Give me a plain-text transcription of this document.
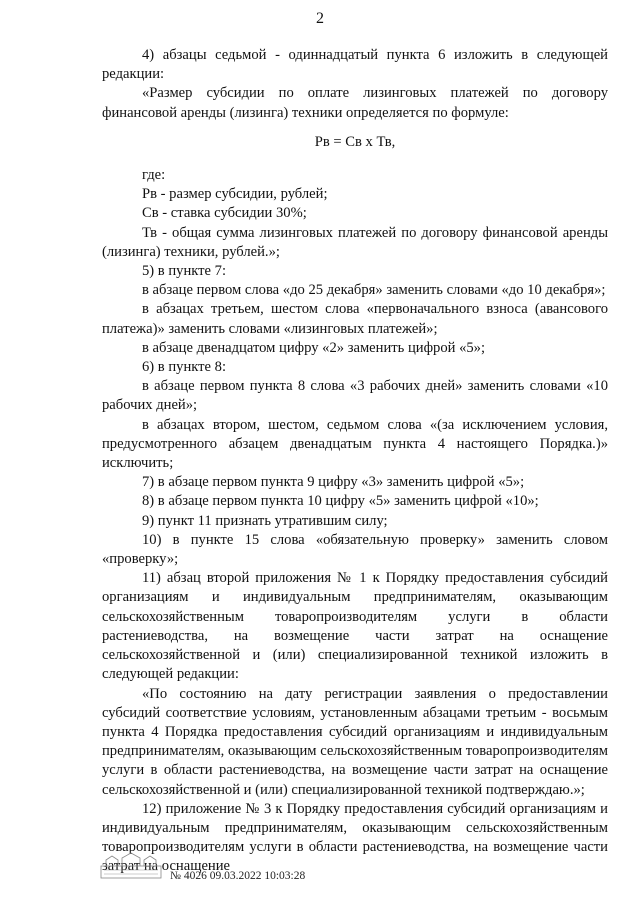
2

4) абзацы седьмой - одиннадцатый пункта 6 изложить в следующей редакции:

«Размер субсидии по оплате лизинговых платежей по договору финансовой аренды (лизинга) техники определяется по формуле:

Рв = Св х Тв,

где:

Рв - размер субсидии, рублей;

Св - ставка субсидии 30%;

Тв - общая сумма лизинговых платежей по договору финансовой аренды (лизинга) техники, рублей.»;

5) в пункте 7:

в абзаце первом слова «до 25 декабря» заменить словами «до 10 декабря»;

в абзацах третьем, шестом слова «первоначального взноса (авансового платежа)» заменить словами «лизинговых платежей»;

в абзаце двенадцатом цифру «2» заменить цифрой «5»;

6) в пункте 8:

в абзаце первом пункта 8 слова «3 рабочих дней» заменить словами «10 рабочих дней»;

в абзацах втором, шестом, седьмом слова «(за исключением условия, предусмотренного абзацем двенадцатым пункта 4 настоящего Порядка.)» исключить;

7) в абзаце первом пункта 9 цифру «3» заменить цифрой «5»;

8) в абзаце первом пункта 10 цифру «5» заменить цифрой «10»;

9) пункт 11 признать утратившим силу;

10) в пункте 15 слова «обязательную проверку» заменить словом «проверку»;

11) абзац второй приложения № 1 к Порядку предоставления субсидий организациям и индивидуальным предпринимателям, оказывающим сельскохозяйственным товаропроизводителям услуги в области растениеводства, на возмещение части затрат на оснащение сельскохозяйственной и (или) специализированной техникой изложить в следующей редакции:

«По состоянию на дату регистрации заявления о предоставлении субсидий соответствие условиям, установленным абзацами третьим - восьмым пункта 4 Порядка предоставления субсидий организациям и индивидуальным предпринимателям, оказывающим сельскохозяйственным товаропроизводителям услуги в области растениеводства, на возмещение части затрат на оснащение сельскохозяйственной и (или) специализированной техникой подтверждаю.»;

12) приложение № 3 к Порядку предоставления субсидий организациям и индивидуальным предпринимателям, оказывающим сельскохозяйственным товаропроизводителям услуги в области растениеводства, на возмещение части затрат на оснащение

№ 4026 09.03.2022 10:03:28
